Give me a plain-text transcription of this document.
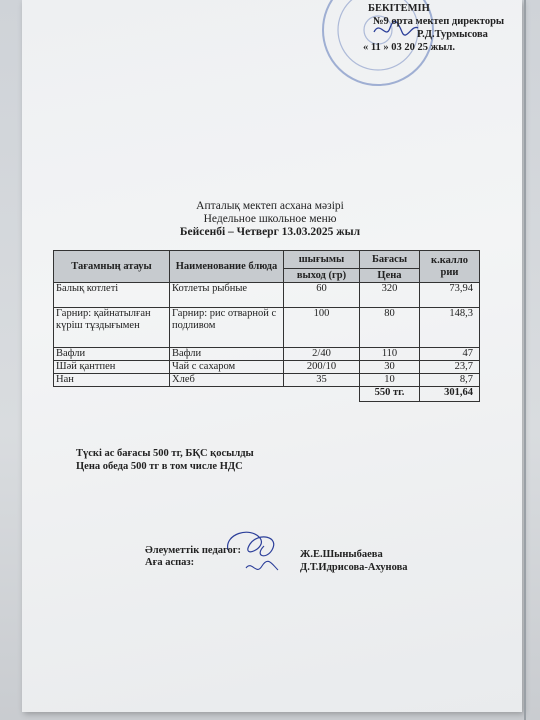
БЕКІТЕМІН
№9 орта мектеп директоры
Р.Д.Турмысова
« 11 » 03 20 25 жыл.
Апталық мектеп асхана мәзірі
Недельное школьное меню
Бейсенбі – Четверг 13.03.2025 жыл
Тағамның атауы	Наименование блюда	шығымы	Бағасы	к.калло рии
		выход (гр)	Цена	
Балық котлеті	Котлеты рыбные	60	320	73,94
Гарнир: қайнатылған күріш тұздығымен	Гарнир: рис отварной с подливом	100	80	148,3
Вафли	Вафли	2/40	110	47
Шәй қантпен	Чай с сахаром	200/10	30	23,7
Нан	Хлеб	35	10	8,7
			550 тг.	301,64
Түскі ас бағасы 500 тг, БҚС қосылды
Цена обеда 500 тг в том числе НДС
Әлеуметтік педагог:
Аға аспаз:
Ж.Е.Шыныбаева
Д.Т.Идрисова-Ахунова
